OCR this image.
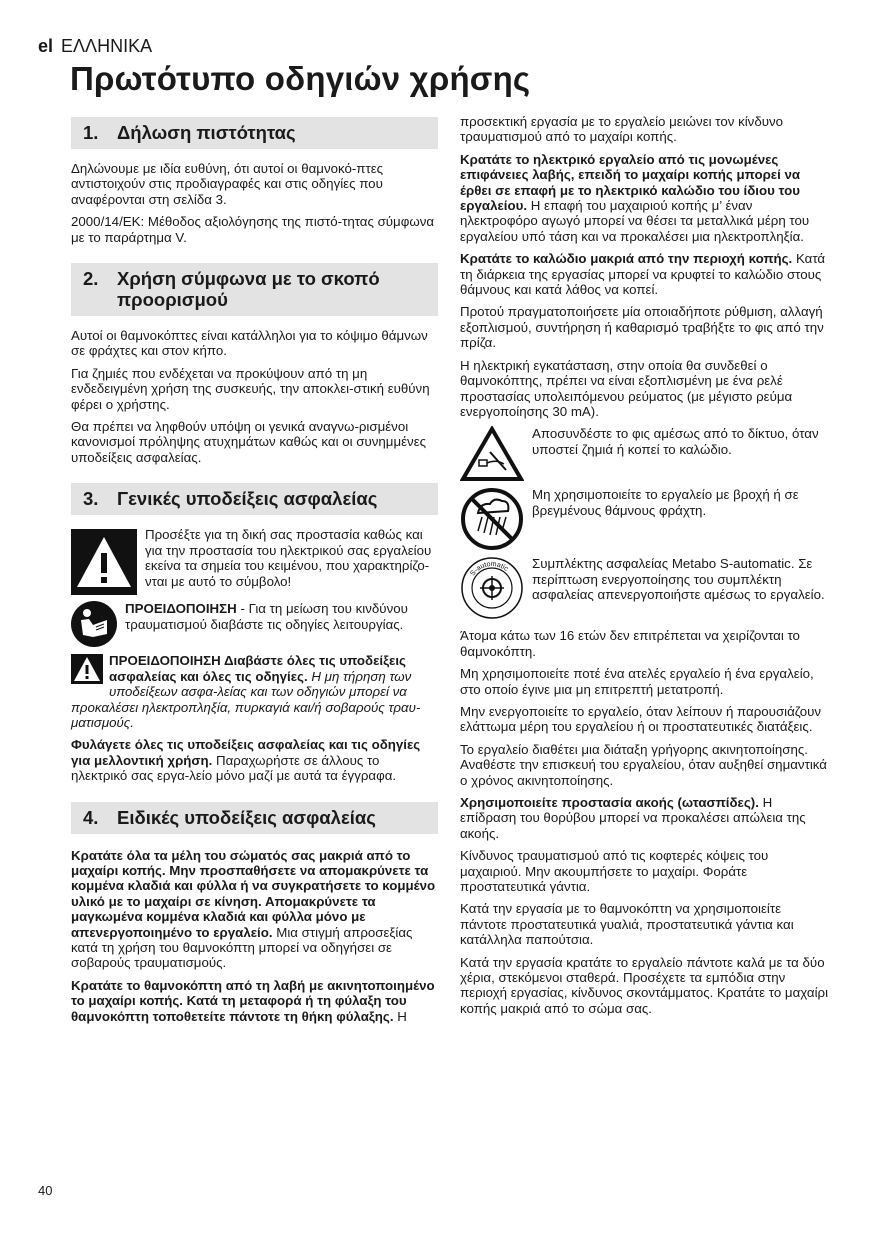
el ΕΛΛΗΝΙΚΑ
Πρωτότυπο οδηγιών χρήσης
1.	Δήλωση πιστότητας

Δηλώνουμε με ιδία ευθύνη, ότι αυτοί οι θαμνοκό-πτες αντιστοιχούν στις προδιαγραφές και στις οδηγίες που αναφέρονται στη σελίδα 3.

2000/14/ΕΚ: Μέθοδος αξιολόγησης της πιστό-τητας σύμφωνα με το παράρτημα V.

2.	Χρήση σύμφωνα με το σκοπό προορισμού

Αυτοί οι θαμνοκόπτες είναι κατάλληλοι για το κόψιμο θάμνων σε φράχτες και στον κήπο.

Για ζημιές που ενδέχεται να προκύψουν από τη μη ενδεδειγμένη χρήση της συσκευής, την αποκλει-στική ευθύνη φέρει ο χρήστης.

Θα πρέπει να ληφθούν υπόψη οι γενικά αναγνω-ρισμένοι κανονισμοί πρόληψης ατυχημάτων καθώς και οι συνημμένες υποδείξεις ασφαλείας.

3.	Γενικές υποδείξεις ασφαλείας
Προσέξτε για τη δική σας προστασία καθώς και για την προστασία του ηλεκτρικού σας εργαλείου εκείνα τα σημεία του κειμένου, που χαρακτηρίζο-νται με αυτό το σύμβολο!
ΠΡΟΕΙΔΟΠΟΙΗΣΗ - Για τη μείωση του κινδύνου τραυματισμού διαβάστε τις οδηγίες λειτουργίας.

ΠΡΟΕΙΔΟΠΟΙΗΣΗ Διαβάστε όλες τις υποδείξεις ασφαλείας και όλες τις οδηγίες. Η μη τήρηση των υποδείξεων ασφα-λείας και των οδηγιών μπορεί να προκαλέσει ηλεκτροπληξία, πυρκαγιά και/ή σοβαρούς τραυ-ματισμούς.

Φυλάγετε όλες τις υποδείξεις ασφαλείας και τις οδηγίες για μελλοντική χρήση. Παραχωρήστε σε άλλους το ηλεκτρικό σας εργα-λείο μόνο μαζί με αυτά τα έγγραφα.

4.	Ειδικές υποδείξεις ασφαλείας

Κρατάτε όλα τα μέλη του σώματός σας μακριά από το μαχαίρι κοπής. Μην προσπαθήσετε να απομακρύνετε τα κομμένα κλαδιά και φύλλα ή να συγκρατήσετε το κομμένο υλικό με το μαχαίρι σε κίνηση. Απομακρύνετε τα μαγκωμένα κομμένα κλαδιά και φύλλα μόνο με απενεργοποιημένο το εργαλείο. Μια στιγμή απροσεξίας κατά τη χρήση του θαμνοκόπτη μπορεί να οδηγήσει σε σοβαρούς τραυματισμούς.

Κρατάτε το θαμνοκόπτη από τη λαβή με ακινητοποιημένο το μαχαίρι κοπής. Κατά τη μεταφορά ή τη φύλαξη του θαμνοκόπτη τοποθετείτε πάντοτε τη θήκη φύλαξης. Η

προσεκτική εργασία με το εργαλείο μειώνει τον κίνδυνο τραυματισμού από το μαχαίρι κοπής.

Κρατάτε το ηλεκτρικό εργαλείο από τις μονωμένες επιφάνειες λαβής, επειδή το μαχαίρι κοπής μπορεί να έρθει σε επαφή με το ηλεκτρικό καλώδιο του ίδιου του εργαλείου. Η επαφή του μαχαιριού κοπής μ’ έναν ηλεκτροφόρο αγωγό μπορεί να θέσει τα μεταλλικά μέρη του εργαλείου υπό τάση και να προκαλέσει μια ηλεκτροπληξία.

Κρατάτε το καλώδιο μακριά από την περιοχή κοπής. Κατά τη διάρκεια της εργασίας μπορεί να κρυφτεί το καλώδιο στους θάμνους και κατά λάθος να κοπεί.

Προτού πραγματοποιήσετε μία οποιαδήποτε ρύθμιση, αλλαγή εξοπλισμού, συντήρηση ή καθαρισμό τραβήξτε το φις από την πρίζα.

Η ηλεκτρική εγκατάσταση, στην οποία θα συνδεθεί ο θαμνοκόπτης, πρέπει να είναι εξοπλισμένη με ένα ρελέ προστασίας υπολειπόμενου ρεύματος (με μέγιστο ρεύμα ενεργοποίησης 30 mA).

Αποσυνδέστε το φις αμέσως από το δίκτυο, όταν υποστεί ζημιά ή κοπεί το καλώδιο.
Μη χρησιμοποιείτε το εργαλείο με βροχή ή σε βρεγμένους θάμνους φράχτη.
S-automatic Συμπλέκτης ασφαλείας Metabo S-automatic. Σε περίπτωση ενεργοποίησης του συμπλέκτη ασφαλείας απενεργοποιήστε αμέσως το εργαλείο.

Άτομα κάτω των 16 ετών δεν επιτρέπεται να χειρίζονται το θαμνοκόπτη.

Μη χρησιμοποιείτε ποτέ ένα ατελές εργαλείο ή ένα εργαλείο, στο οποίο έγινε μια μη επιτρεπτή μετατροπή.

Μην ενεργοποιείτε το εργαλείο, όταν λείπουν ή παρουσιάζουν ελάττωμα μέρη του εργαλείου ή οι προστατευτικές διατάξεις.

Το εργαλείο διαθέτει μια διάταξη γρήγορης ακινητοποίησης. Αναθέστε την επισκευή του εργαλείου, όταν αυξηθεί σημαντικά ο χρόνος ακινητοποίησης.

Χρησιμοποιείτε προστασία ακοής (ωτασπίδες). Η επίδραση του θορύβου μπορεί να προκαλέσει απώλεια της ακοής.

Κίνδυνος τραυματισμού από τις κοφτερές κόψεις του μαχαιριού. Μην ακουμπήσετε το μαχαίρι. Φοράτε προστατευτικά γάντια.

Κατά την εργασία με το θαμνοκόπτη να χρησιμοποιείτε πάντοτε προστατευτικά γυαλιά, προστατευτικά γάντια και κατάλληλα παπούτσια.

Κατά την εργασία κρατάτε το εργαλείο πάντοτε καλά με τα δύο χέρια, στεκόμενοι σταθερά. Προσέχετε τα εμπόδια στην περιοχή εργασίας, κίνδυνος σκοντάμματος. Κρατάτε το μαχαίρι κοπής μακριά από το σώμα σας.

40
